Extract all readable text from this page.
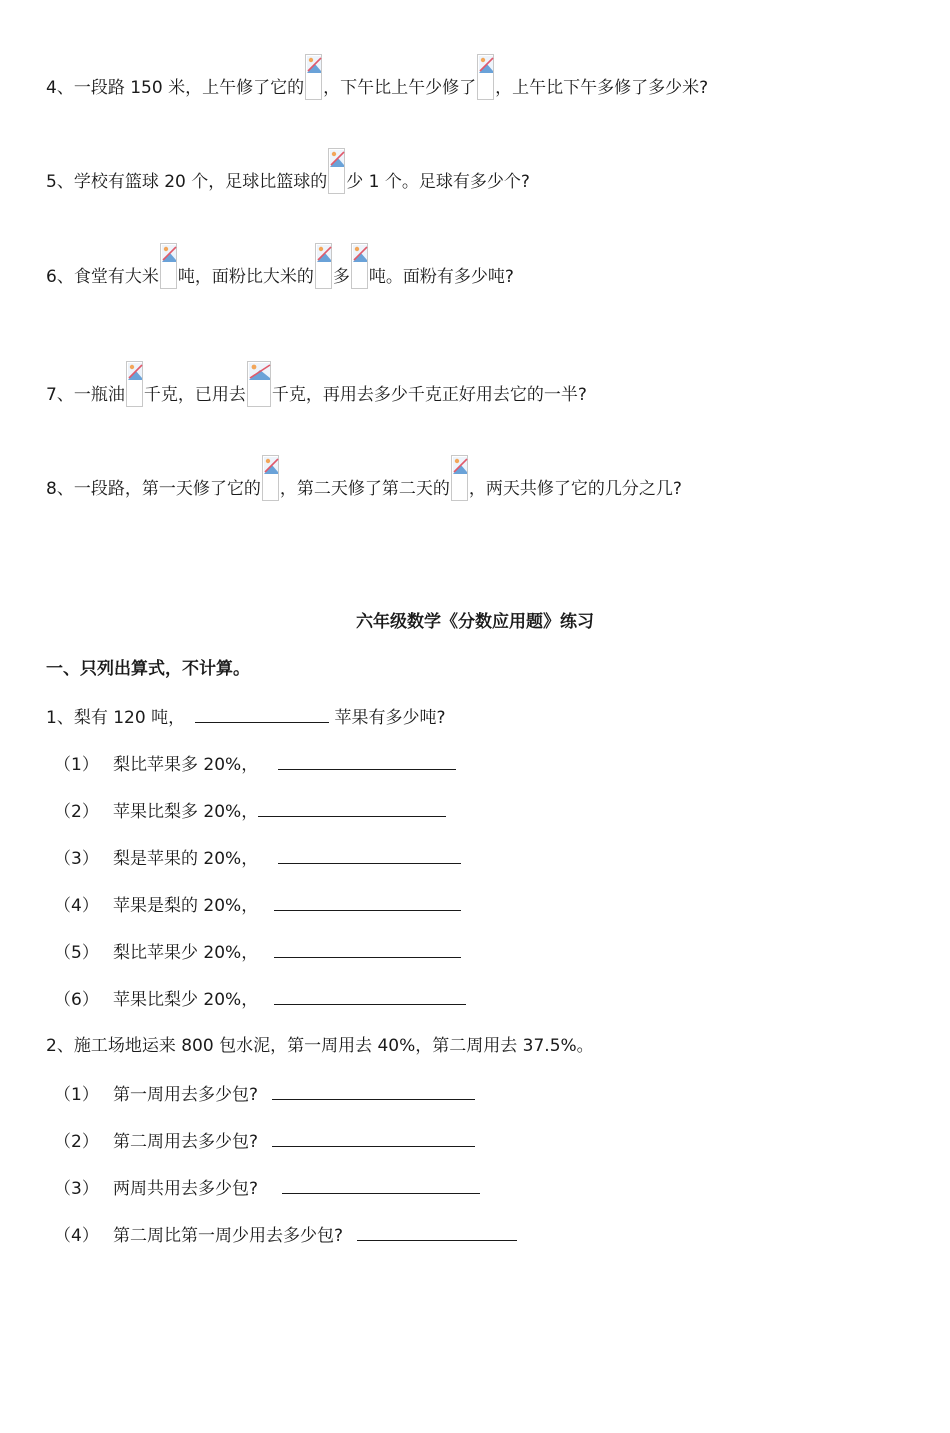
4、 一段路 150 米，上午修了它的 ，下午比上午少修了 ，上午比下午多修了多少米?
5、 学校有篮球 20 个，足球比篮球的 少 1 个。足球有多少个?
6、 食堂有大米 吨，面粉比大米的 多 吨。面粉有多少吨?
7、 一瓶油 千克，已用去 千克，再用去多少千克正好用去它的一半?
8、 一段路，第一天修了它的 ，第二天修了第二天的 ，两天共修了它的几分之几?
六年级数学《分数应用题》练习
一、只列出算式，不计算。
1、梨有 120 吨，	苹果有多少吨?
（1） 梨比苹果多 20%，
（2） 苹果比梨多 20%，
（3） 梨是苹果的 20%，
（4） 苹果是梨的 20%，
（5） 梨比苹果少 20%，
（6） 苹果比梨少 20%，
2、施工场地运来 800 包水泥，第一周用去 40%，第二周用去 37.5%。
（1） 第一周用去多少包?
（2） 第二周用去多少包?
（3） 两周共用去多少包?
（4） 第二周比第一周少用去多少包?
